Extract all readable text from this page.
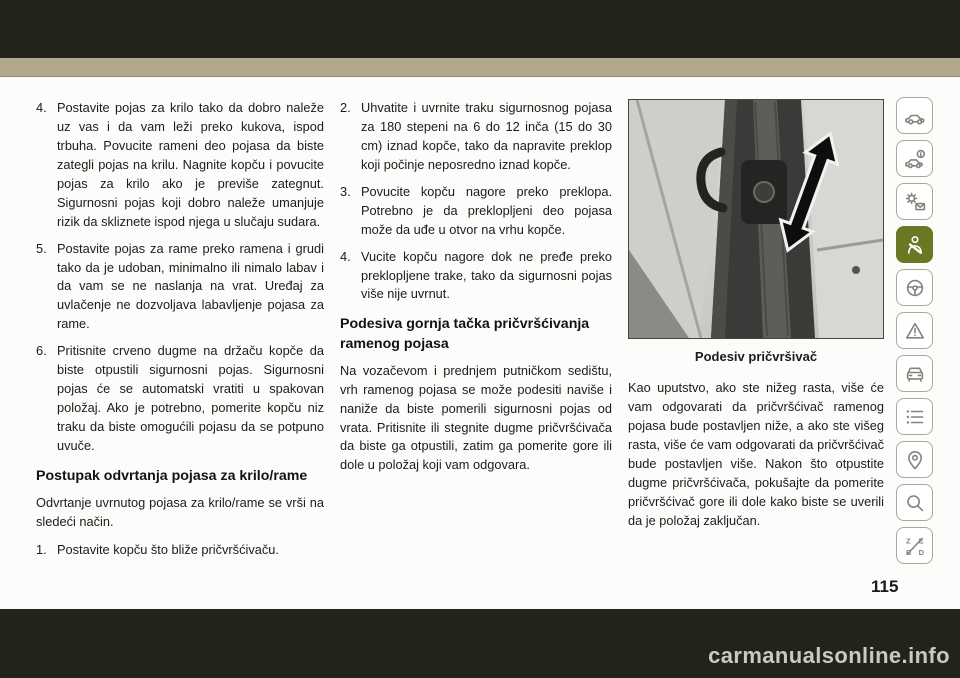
4. Postavite pojas za krilo tako da dobro naleže uz vas i da vam leži preko kukova, ispod trbuha. Povucite rameni deo pojasa da biste zategli pojas na krilu. Nagnite kopču i povucite pojas za krilo ako je previše zategnut. Sigurnosni pojas koji dobro naleže umanjuje rizik da skliznete ispod njega u slučaju sudara.
5. Postavite pojas za rame preko ramena i grudi tako da je udoban, minimalno ili nimalo labav i da vam se ne naslanja na vrat. Uređaj za uvlačenje ne dozvoljava labavljenje pojasa za rame.
6. Pritisnite crveno dugme na držaču kopče da biste otpustili sigurnosni pojas. Sigurnosni pojas će se automatski vratiti u spakovan položaj. Ako je potrebno, pomerite kopču niz traku da biste omogućili pojasu da se potpuno uvuče.
Postupak odvrtanja pojasa za krilo/rame
Odvrtanje uvrnutog pojasa za krilo/rame se vrši na sledeći način.
1. Postavite kopču što bliže pričvršćivaču.
2. Uhvatite i uvrnite traku sigurnosnog pojasa za 180 stepeni na 6 do 12 inča (15 do 30 cm) iznad kopče, tako da napravite preklop koji počinje neposredno iznad kopče.
3. Povucite kopču nagore preko preklopa. Potrebno je da preklopljeni deo pojasa može da uđe u otvor na vrhu kopče.
4. Vucite kopču nagore dok ne pređe preko preklopljene trake, tako da sigurnosni pojas više nije uvrnut.
Podesiva gornja tačka pričvršćivanja ramenog pojasa
Na vozačevom i prednjem putničkom sedištu, vrh ramenog pojasa se može podesiti naviše i naniže da biste pomerili sigurnosni pojas od vrata. Pritisnite ili stegnite dugme pričvršćivača da biste ga otpustili, zatim ga pomerite gore ili dole u položaj koji vam odgovara.
Podesiv pričvršivač
Kao uputstvo, ako ste nižeg rasta, više će vam odgovarati da pričvršćivač ramenog pojasa bude postavljen niže, a ako ste višeg rasta, više će vam odgovarati da pričvršćivač bude postavljen više. Nakon što otpustite dugme pričvršćivača, pokušajte da pomerite pričvršćivač gore ili dole kako biste se uverili da je položaj zaključan.
Z E
B D
115
carmanualsonline.info
